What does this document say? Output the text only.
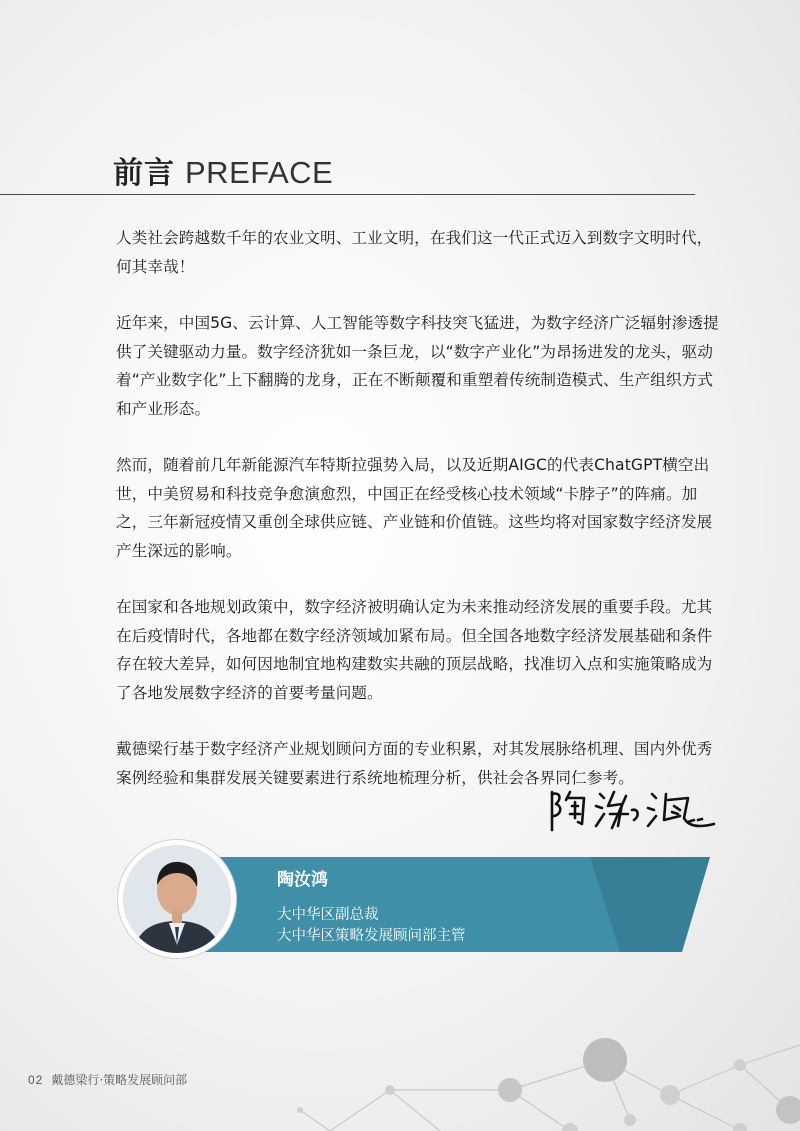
前言 PREFACE

人类社会跨越数千年的农业文明、工业文明，在我们这一代正式迈入到数字文明时代，何其幸哉！

近年来，中国5G、云计算、人工智能等数字科技突飞猛进，为数字经济广泛辐射渗透提供了关键驱动力量。数字经济犹如一条巨龙，以“数字产业化”为昂扬进发的龙头，驱动着“产业数字化”上下翻腾的龙身，正在不断颠覆和重塑着传统制造模式、生产组织方式和产业形态。

然而，随着前几年新能源汽车特斯拉强势入局，以及近期AIGC的代表ChatGPT横空出世，中美贸易和科技竞争愈演愈烈，中国正在经受核心技术领域“卡脖子”的阵痛。加之，三年新冠疫情又重创全球供应链、产业链和价值链。这些均将对国家数字经济发展产生深远的影响。

在国家和各地规划政策中，数字经济被明确认定为未来推动经济发展的重要手段。尤其在后疫情时代，各地都在数字经济领域加紧布局。但全国各地数字经济发展基础和条件存在较大差异，如何因地制宜地构建数实共融的顶层战略，找准切入点和实施策略成为了各地发展数字经济的首要考量问题。

戴德梁行基于数字经济产业规划顾问方面的专业积累，对其发展脉络机理、国内外优秀案例经验和集群发展关键要素进行系统地梳理分析，供社会各界同仁参考。

陶汝鸿
大中华区副总裁
大中华区策略发展顾问部主管
02 戴德梁行·策略发展顾问部
